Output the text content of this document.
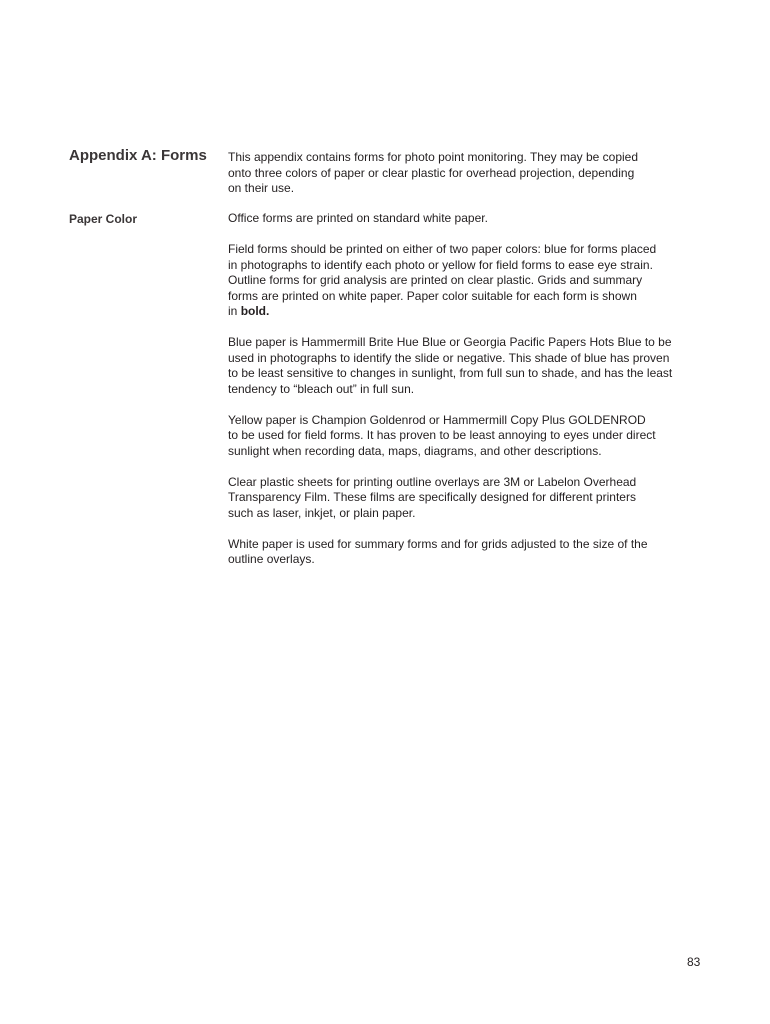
Appendix A: Forms This appendix contains forms for photo point monitoring. They may be copied
onto three colors of paper or clear plastic for overhead projection, depending
on their use.

Paper Color	Office forms are printed on standard white paper.

Field forms should be printed on either of two paper colors: blue for forms placed
in photographs to identify each photo or yellow for field forms to ease eye strain.
Outline forms for grid analysis are printed on clear plastic. Grids and summary
forms are printed on white paper. Paper color suitable for each form is shown
in bold.

Blue paper is Hammermill Brite Hue Blue or Georgia Pacific Papers Hots Blue to be
used in photographs to identify the slide or negative. This shade of blue has proven
to be least sensitive to changes in sunlight, from full sun to shade, and has the least
tendency to “bleach out” in full sun.

Yellow paper is Champion Goldenrod or Hammermill Copy Plus GOLDENROD
to be used for field forms. It has proven to be least annoying to eyes under direct
sunlight when recording data, maps, diagrams, and other descriptions.

Clear plastic sheets for printing outline overlays are 3M or Labelon Overhead
Transparency Film. These films are specifically designed for different printers
such as laser, inkjet, or plain paper.

White paper is used for summary forms and for grids adjusted to the size of the
outline overlays.

83
